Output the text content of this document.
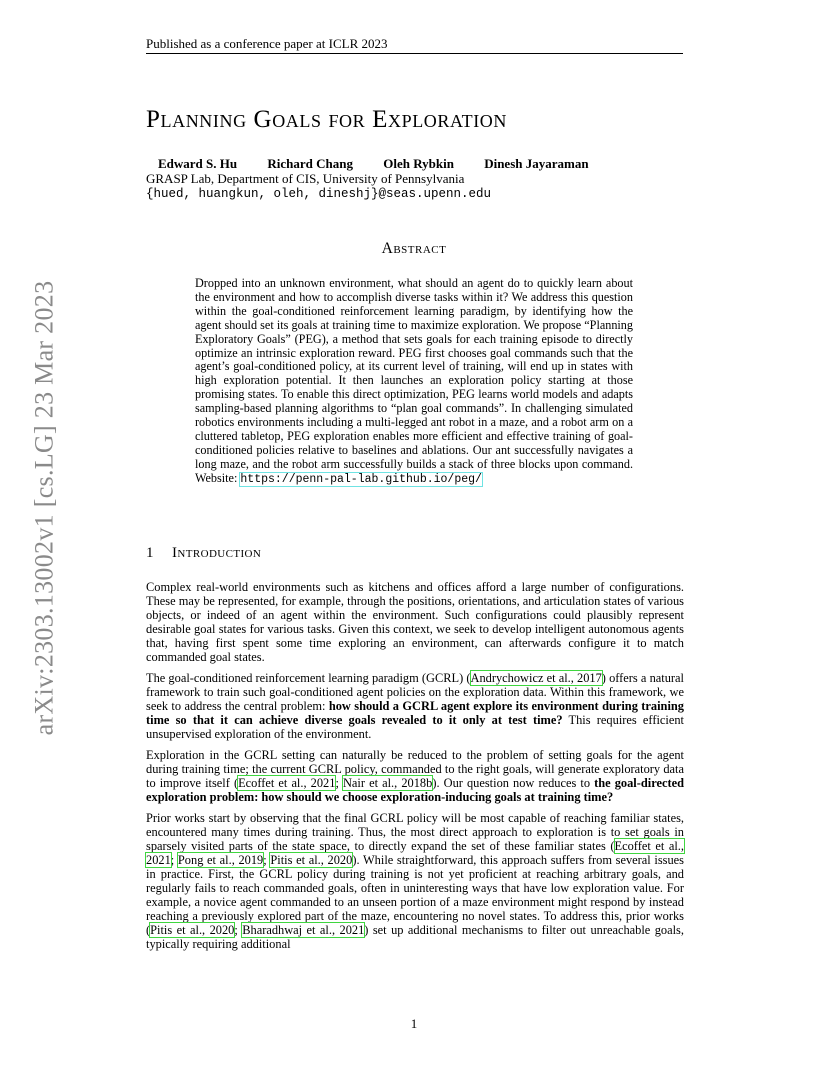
Published as a conference paper at ICLR 2023
arXiv:2303.13002v1 [cs.LG] 23 Mar 2023
Planning Goals for Exploration
Edward S. Hu Richard Chang Oleh Rybkin Dinesh Jayaraman
GRASP Lab, Department of CIS, University of Pennsylvania
{hued, huangkun, oleh, dineshj}@seas.upenn.edu
Abstract
Dropped into an unknown environment, what should an agent do to quickly learn about the environment and how to accomplish diverse tasks within it? We address this question within the goal-conditioned reinforcement learning paradigm, by identifying how the agent should set its goals at training time to maximize exploration. We propose “Planning Exploratory Goals” (PEG), a method that sets goals for each training episode to directly optimize an intrinsic exploration reward. PEG first chooses goal commands such that the agent’s goal-conditioned policy, at its current level of training, will end up in states with high exploration potential. It then launches an exploration policy starting at those promising states. To enable this direct optimization, PEG learns world models and adapts sampling-based planning algorithms to “plan goal commands”. In challenging simulated robotics environments including a multi-legged ant robot in a maze, and a robot arm on a cluttered tabletop, PEG exploration enables more efficient and effective training of goal-conditioned policies relative to baselines and ablations. Our ant successfully navigates a long maze, and the robot arm successfully builds a stack of three blocks upon command. Website: https://penn-pal-lab.github.io/peg/
1 Introduction

Complex real-world environments such as kitchens and offices afford a large number of configurations. These may be represented, for example, through the positions, orientations, and articulation states of various objects, or indeed of an agent within the environment. Such configurations could plausibly represent desirable goal states for various tasks. Given this context, we seek to develop intelligent autonomous agents that, having first spent some time exploring an environment, can afterwards configure it to match commanded goal states.

The goal-conditioned reinforcement learning paradigm (GCRL) (Andrychowicz et al., 2017) offers a natural framework to train such goal-conditioned agent policies on the exploration data. Within this framework, we seek to address the central problem: how should a GCRL agent explore its environment during training time so that it can achieve diverse goals revealed to it only at test time? This requires efficient unsupervised exploration of the environment.

Exploration in the GCRL setting can naturally be reduced to the problem of setting goals for the agent during training time; the current GCRL policy, commanded to the right goals, will generate exploratory data to improve itself (Ecoffet et al., 2021; Nair et al., 2018b). Our question now reduces to the goal-directed exploration problem: how should we choose exploration-inducing goals at training time?

Prior works start by observing that the final GCRL policy will be most capable of reaching familiar states, encountered many times during training. Thus, the most direct approach to exploration is to set goals in sparsely visited parts of the state space, to directly expand the set of these familiar states (Ecoffet et al., 2021; Pong et al., 2019; Pitis et al., 2020). While straightforward, this approach suffers from several issues in practice. First, the GCRL policy during training is not yet proficient at reaching arbitrary goals, and regularly fails to reach commanded goals, often in uninteresting ways that have low exploration value. For example, a novice agent commanded to an unseen portion of a maze environment might respond by instead reaching a previously explored part of the maze, encountering no novel states. To address this, prior works (Pitis et al., 2020; Bharadhwaj et al., 2021) set up additional mechanisms to filter out unreachable goals, typically requiring additional

1
